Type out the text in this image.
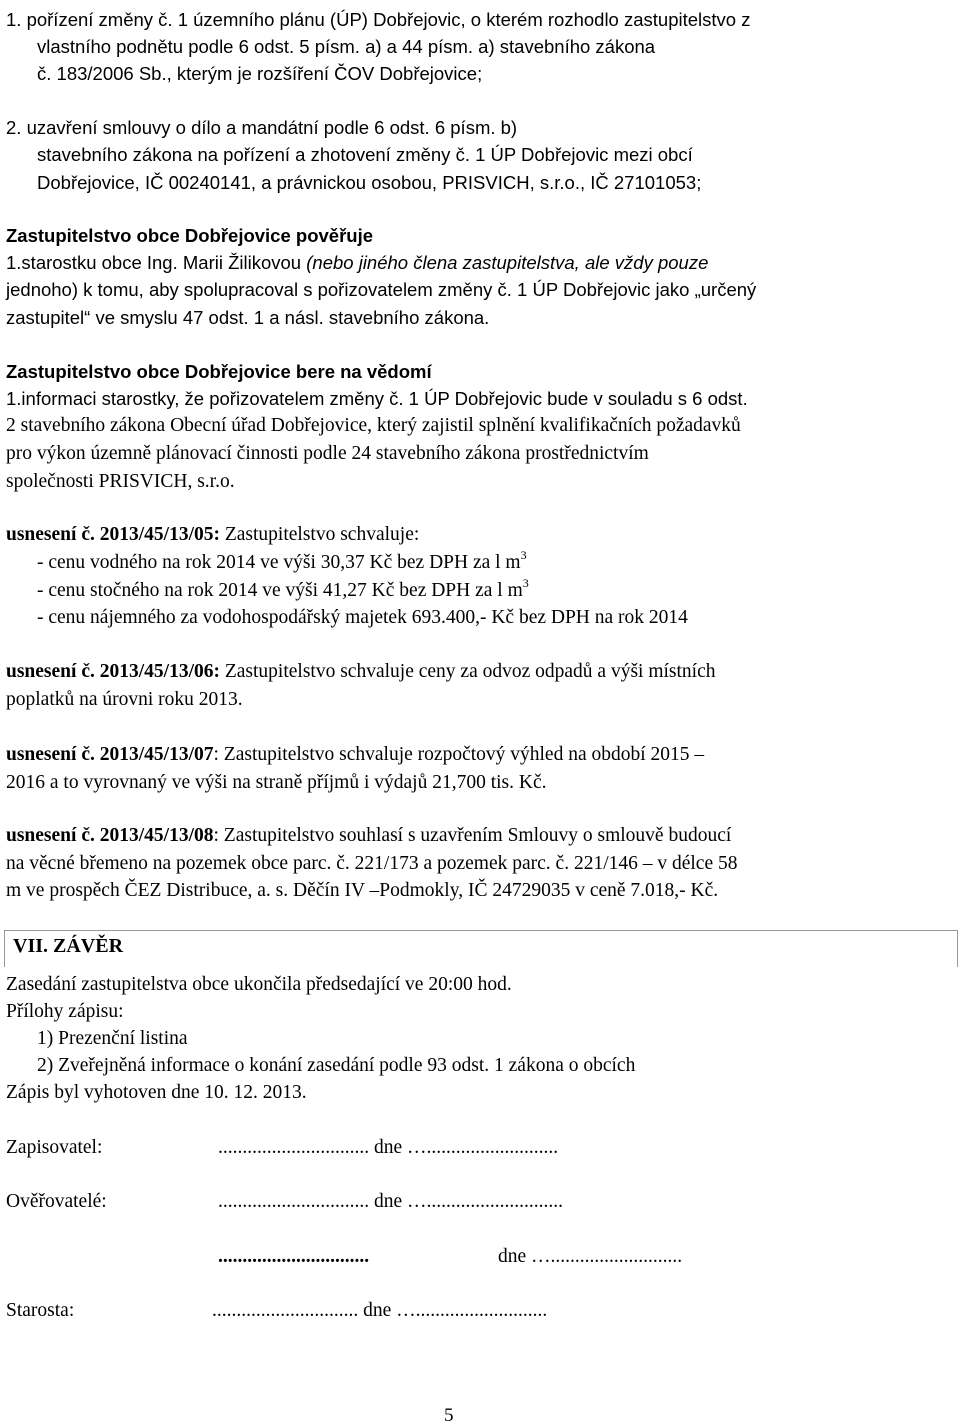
1. pořízení změny č. 1 územního plánu (ÚP) Dobřejovic, o kterém rozhodlo zastupitelstvo z
vlastního podnětu podle 6 odst. 5 písm. a) a 44 písm. a) stavebního zákona
č. 183/2006 Sb., kterým je rozšíření ČOV Dobřejovice;
2. uzavření smlouvy o dílo a mandátní podle 6 odst. 6 písm. b)
stavebního zákona na pořízení a zhotovení změny č. 1 ÚP Dobřejovic mezi obcí
Dobřejovice, IČ 00240141, a právnickou osobou, PRISVICH, s.r.o., IČ 27101053;
Zastupitelstvo obce Dobřejovice pověřuje
1.starostku obce Ing. Marii Žilikovou (nebo jiného člena zastupitelstva, ale vždy pouze
jednoho) k tomu, aby spolupracoval s pořizovatelem změny č. 1 ÚP Dobřejovic jako „určený
zastupitel“ ve smyslu 47 odst. 1 a násl. stavebního zákona.
Zastupitelstvo obce Dobřejovice bere na vědomí
1.informaci starostky, že pořizovatelem změny č. 1 ÚP Dobřejovic bude v souladu s 6 odst.
2 stavebního zákona Obecní úřad Dobřejovice, který zajistil splnění kvalifikačních požadavků
pro výkon územně plánovací činnosti podle 24 stavebního zákona prostřednictvím
společnosti PRISVICH, s.r.o.
usnesení č. 2013/45/13/05: Zastupitelstvo schvaluje:
- cenu vodného na rok 2014 ve výši 30,37 Kč bez DPH za l $m^3$
- cenu stočného na rok 2014 ve výši 41,27 Kč bez DPH za l $m^3$
- cenu nájemného za vodohospodářský majetek 693.400,- Kč bez DPH na rok 2014
usnesení č. 2013/45/13/06: Zastupitelstvo schvaluje ceny za odvoz odpadů a výši místních
poplatků na úrovni roku 2013.
usnesení č. 2013/45/13/07: Zastupitelstvo schvaluje rozpočtový výhled na období 2015 –
2016 a to vyrovnaný ve výši na straně příjmů i výdajů 21,700 tis. Kč.
usnesení č. 2013/45/13/08: Zastupitelstvo souhlasí s uzavřením Smlouvy o smlouvě budoucí
na věcné břemeno na pozemek obce parc. č. 221/173 a pozemek parc. č. 221/146 – v délce 58
m ve prospěch ČEZ Distribuce, a. s. Děčín IV –Podmokly, IČ 24729035 v ceně 7.018,- Kč.
VII. ZÁVĚR
Zasedání zastupitelstva obce ukončila předsedající ve 20:00 hod.
Přílohy zápisu:
1) Prezenční listina
2) Zveřejněná informace o konání zasedání podle 93 odst. 1 zákona o obcích
Zápis byl vyhotoven dne 10. 12. 2013.
Zapisovatel:	............................... dne …...........................
Ověřovatelé:	............................... dne …............................
...............................	dne …...........................
Starosta:	.............................. dne …...........................
5
